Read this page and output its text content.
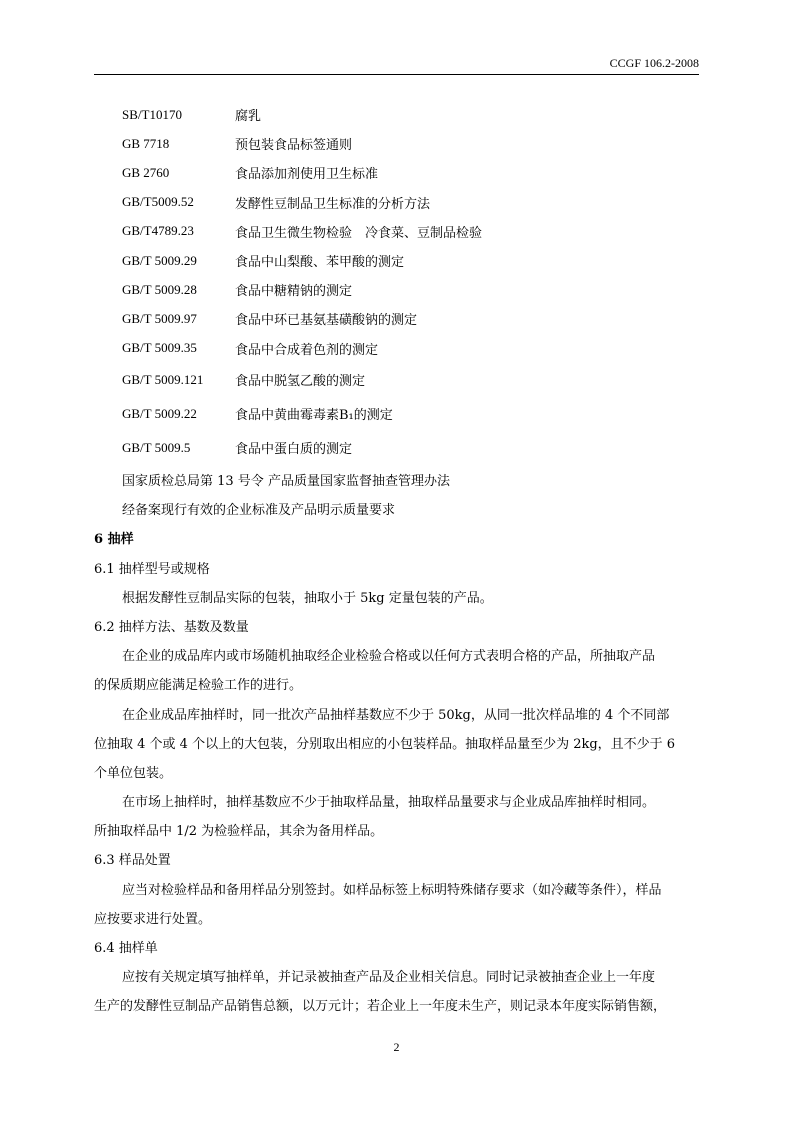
CCGF 106.2-2008
SB/T10170	腐乳
GB 7718	预包装食品标签通则
GB 2760	食品添加剂使用卫生标准
GB/T5009.52	发酵性豆制品卫生标准的分析方法
GB/T4789.23	食品卫生微生物检验　冷食菜、豆制品检验
GB/T 5009.29	食品中山梨酸、苯甲酸的测定
GB/T 5009.28	食品中糖精钠的测定
GB/T 5009.97	食品中环已基氨基磺酸钠的测定
GB/T 5009.35	食品中合成着色剂的测定
GB/T 5009.121	食品中脱氢乙酸的测定
GB/T 5009.22	食品中黄曲霉毒素B₁的测定
GB/T 5009.5	食品中蛋白质的测定
国家质检总局第 13 号令 产品质量国家监督抽查管理办法
经备案现行有效的企业标准及产品明示质量要求
6 抽样
6.1 抽样型号或规格
根据发酵性豆制品实际的包装，抽取小于 5kg 定量包装的产品。
6.2 抽样方法、基数及数量
在企业的成品库内或市场随机抽取经企业检验合格或以任何方式表明合格的产品，所抽取产品
的保质期应能满足检验工作的进行。
在企业成品库抽样时，同一批次产品抽样基数应不少于 50kg，从同一批次样品堆的 4 个不同部
位抽取 4 个或 4 个以上的大包装，分别取出相应的小包装样品。抽取样品量至少为 2kg，且不少于 6
个单位包装。
在市场上抽样时，抽样基数应不少于抽取样品量，抽取样品量要求与企业成品库抽样时相同。
所抽取样品中 1/2 为检验样品，其余为备用样品。
6.3 样品处置
应当对检验样品和备用样品分别签封。如样品标签上标明特殊储存要求（如冷藏等条件），样品
应按要求进行处置。
6.4 抽样单
应按有关规定填写抽样单，并记录被抽查产品及企业相关信息。同时记录被抽查企业上一年度
生产的发酵性豆制品产品销售总额，以万元计；若企业上一年度未生产，则记录本年度实际销售额，
2
